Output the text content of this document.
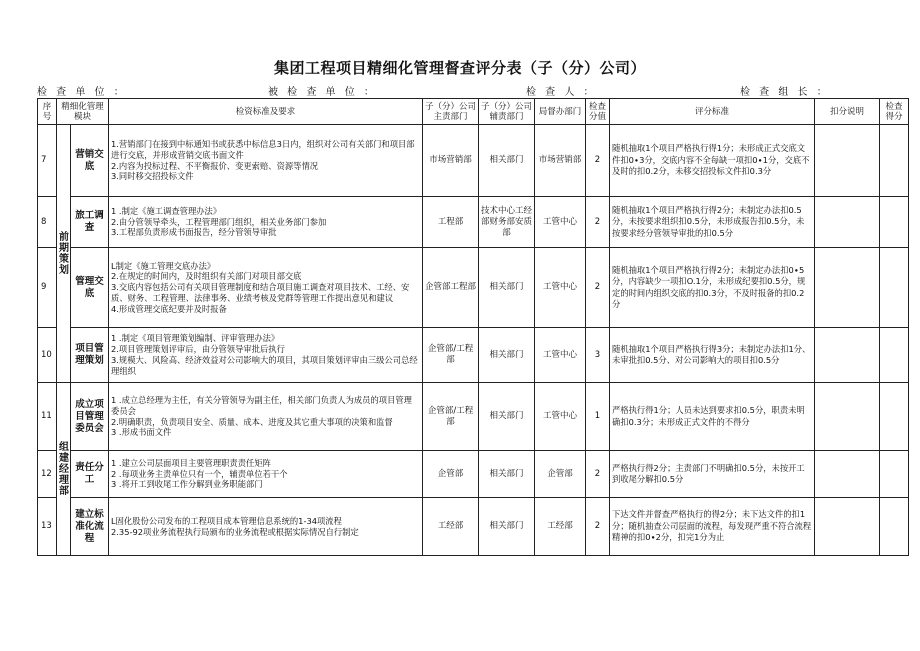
集团工程项目精细化管理督查评分表（子（分）公司）
检 查 单 位 ：	被 检 查 单 位 ：	检 查 人 ：	检 查 组 长 ：
序号	精细化管理模块		检资标准及要求	子（分）公司主责部门	子（分）公司辅责部门	局督办部门	检查分值	评分标准	扣分说明	检查得分
7	前期策划	营销交底	1.营销部门在接到中标通知书或获悉中标信息3日内，组织对公司有关部门和项目部进行交底，并形成营销交底书面文件
2.内容为投标过程、不平衡报价、变更索赔、资源等情况
3.同时移交招投标文件	市场营销部	相关部门	市场营销部	2	随机抽取1个项目严格执行得1分；未形成正式交底文件扣0∙3分，交底内容不全每缺一项扣0∙1分，交底不及时的扣0.2分，未移交招投标文件扣0.3分		

8		旅工调查	1 .制定《施工调查管理办法》
2.由分管领导牵头，工程管理部门组织，相关业务部门参加
3.工程部负责形成书面报告，经分管领导审批	工程部	技术中心工经部财务部安质部	工管中心	2	随机抽取1个项目严格执行得2分；未制定办法扣0.5分，未按要求组织扣0.5分，未形成报告扣0.5分，未按要求经分管领导审批的扣0.5分		

9		管理交底	L制定《施工管理交底办法》
2.在规定的时间内，及时组织有关部门对项目部交底
3.交底内容包括公司有关项目管理制度和结合项目施工调查对项目技术、工经、安质、财务、工程管理、法律事务、业绩考核及党群等管理工作提出意见和建议
4.形成管理交底纪要并及时报备	企管部工程部	相关部门	工管中心	2	随机抽取1个项目严格执行得2分；未制定办法扣0∙5分，内容缺少一项扣O.1分，未形成纪要扣0.5分，规定的时间内组织交底的扣0.3分，不及时报备的扣0.2分		

10		项目管理策划	1 .制定《项目管理策划编制、评审管理办法》
2.项目管理策划评审后，由分管领导审批后执行
3.规模大、风险高、经济效益对公司影响大的项目，其项目策划评审由三级公司总经理组织	企管部/工程部	相关部门	工管中心	3	随机抽取1个项目严格执行得3分；未制定办法扣1分、未审批扣0.5分、对公司影响大的项目扣0.5分		

11	组建经理部	成立项目管理委员会	1 .成立总经理为主任，有关分管领导为副主任，相关部门负责人为成员的项目管理委员会
2.明确职责，负责项目安全、质量、成本、进度及其它重大事项的决策和监督
3 .形成书面文件	企管部/工程部	相关部门	工管中心	1	严格执行得1分；人员未达到要求扣0.5分，职责未明确扣0.3分；未形成正式文件的不得分		

12		责任分工	1 .建立公司层面项目主要管理职责责任矩阵
2 .每项业务主责单位只有一个，辅责单位若干个
3 .将开工到收尾工作分解到业务职能部门	企管部	相关部门	企管部	2	严格执行得2分；主责部门不明确扣0.5分，未按开工到收尾分解扣0.5分		

13		建立标准化流程	L固化股份公司发布的工程项目成本管理信息系统的1-34项流程
2.35-92项业务流程执行局颁布的业务流程或根据实际情况自行制定	工经部	相关部门	工经部	2	下达文件并督查严格执行的得2分；未下达文件的扣1分；随机抽查公司层面的流程，每发现严重不符合流程精神的扣0∙2分，扣完1分为止		
